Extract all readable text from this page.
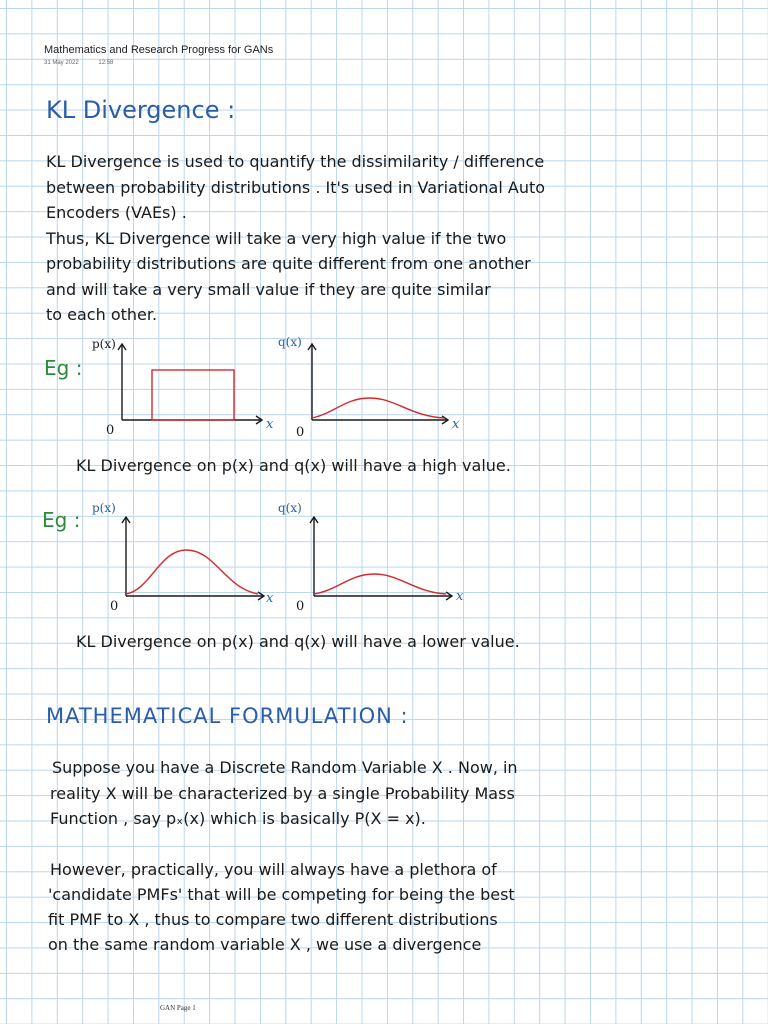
Mathematics and Research Progress for GANs
31 May 2022	12:58
KL Divergence :
KL Divergence is used to quantify the dissimilarity / difference
between probability distributions . It's used in Variational Auto
Encoders (VAEs) .
Thus, KL Divergence will take a very high value if the two
probability distributions are quite different from one another
and will take a very small value if they are quite similar
to each other.
Eg :
p(x)
x
0
q(x)
x
0
p(x)
x
0
q(x)
x
0
KL Divergence on p(x) and q(x) will have a high value.
Eg :
KL Divergence on p(x) and q(x) will have a lower value.
MATHEMATICAL FORMULATION :
Suppose you have a Discrete Random Variable X . Now, in
reality X will be characterized by a single Probability Mass
Function , say pₓ(x) which is basically P(X = x).
However, practically, you will always have a plethora of
'candidate PMFs' that will be competing for being the best
fit PMF to X , thus to compare two different distributions
on the same random variable X , we use a divergence
GAN Page 1
